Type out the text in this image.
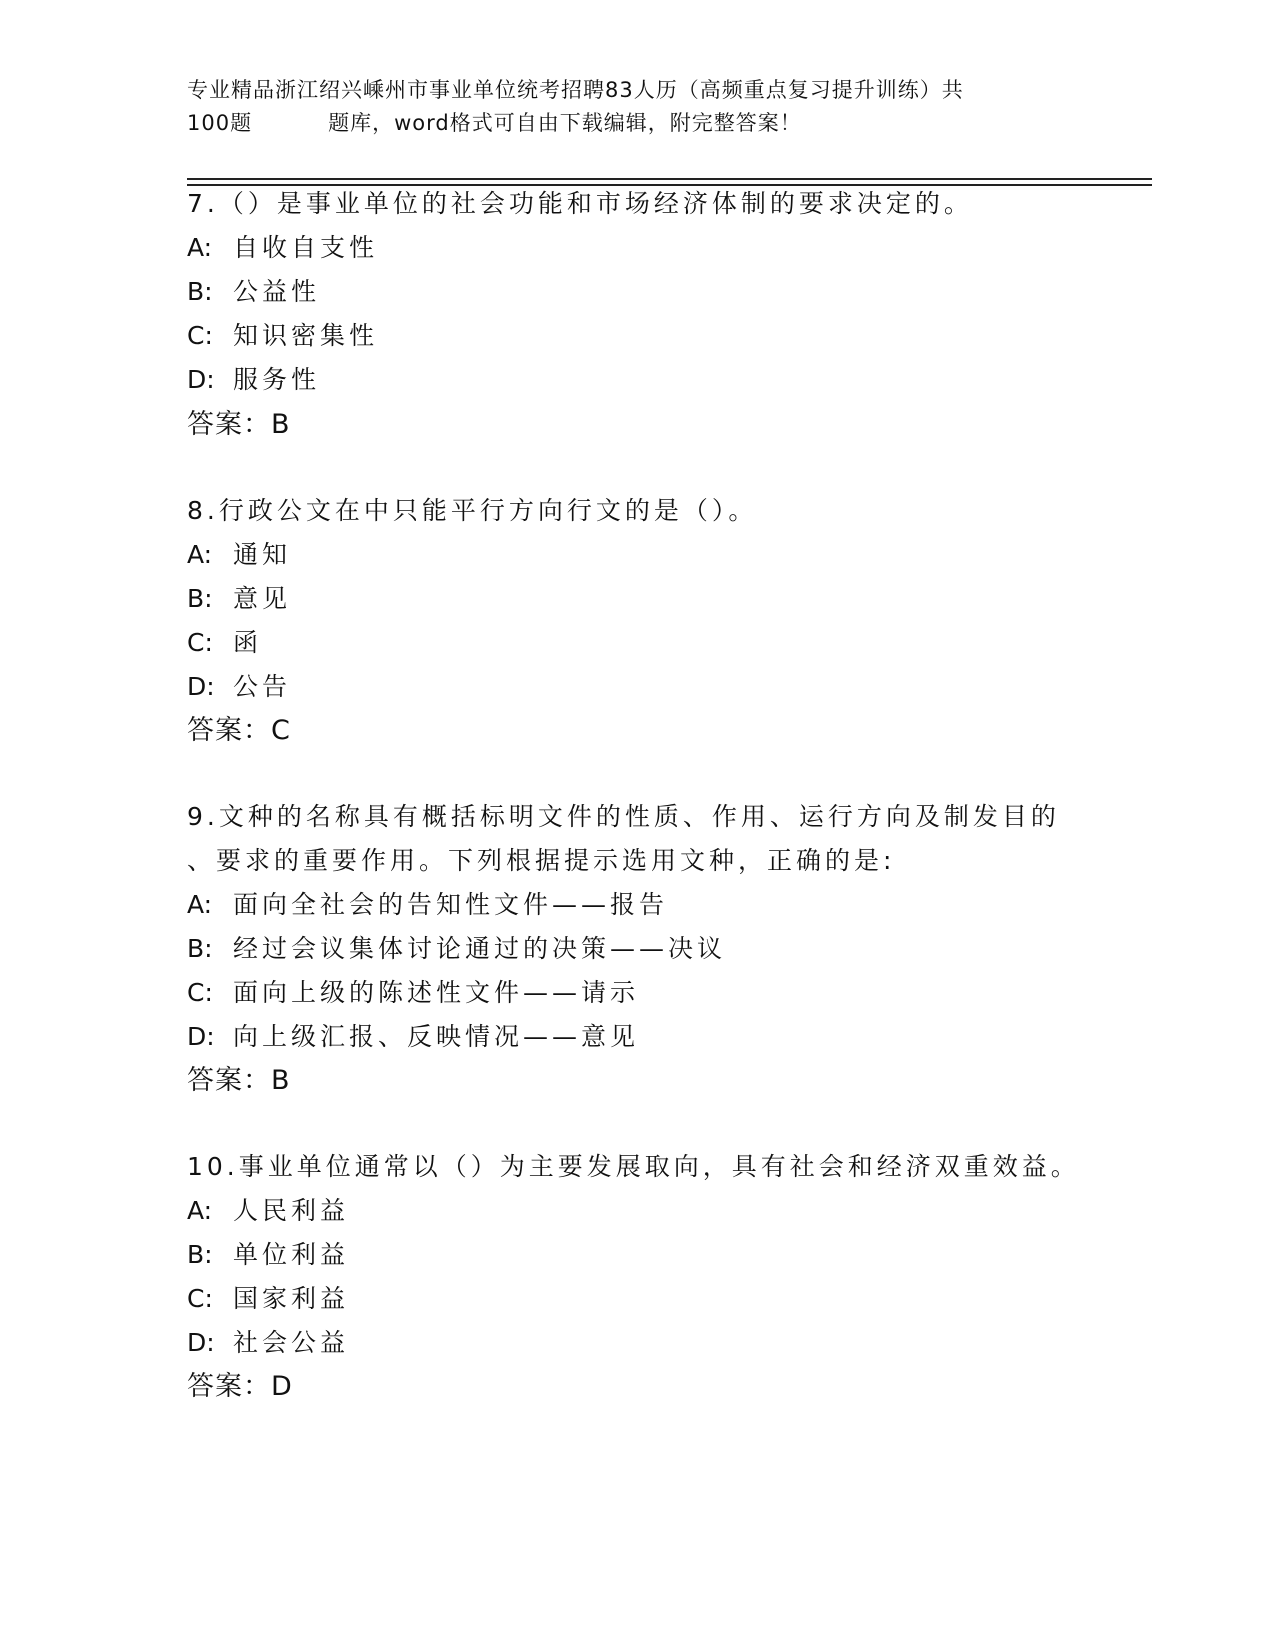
专业精品浙江绍兴嵊州市事业单位统考招聘83人历（高频重点复习提升训练）共
100题	题库，word格式可自由下载编辑，附完整答案！
7.（）是事业单位的社会功能和市场经济体制的要求决定的。
A: 自收自支性
B: 公益性
C: 知识密集性
D: 服务性
答案：B
8.行政公文在中只能平行方向行文的是（）。
A: 通知
B: 意见
C: 函
D: 公告
答案：C
9.文种的名称具有概括标明文件的性质、作用、运行方向及制发目的
、要求的重要作用。下列根据提示选用文种，正确的是:
A: 面向全社会的告知性文件——报告
B: 经过会议集体讨论通过的决策——决议
C: 面向上级的陈述性文件——请示
D: 向上级汇报、反映情况——意见
答案：B
10.事业单位通常以（）为主要发展取向，具有社会和经济双重效益。
A: 人民利益
B: 单位利益
C: 国家利益
D: 社会公益
答案：D
